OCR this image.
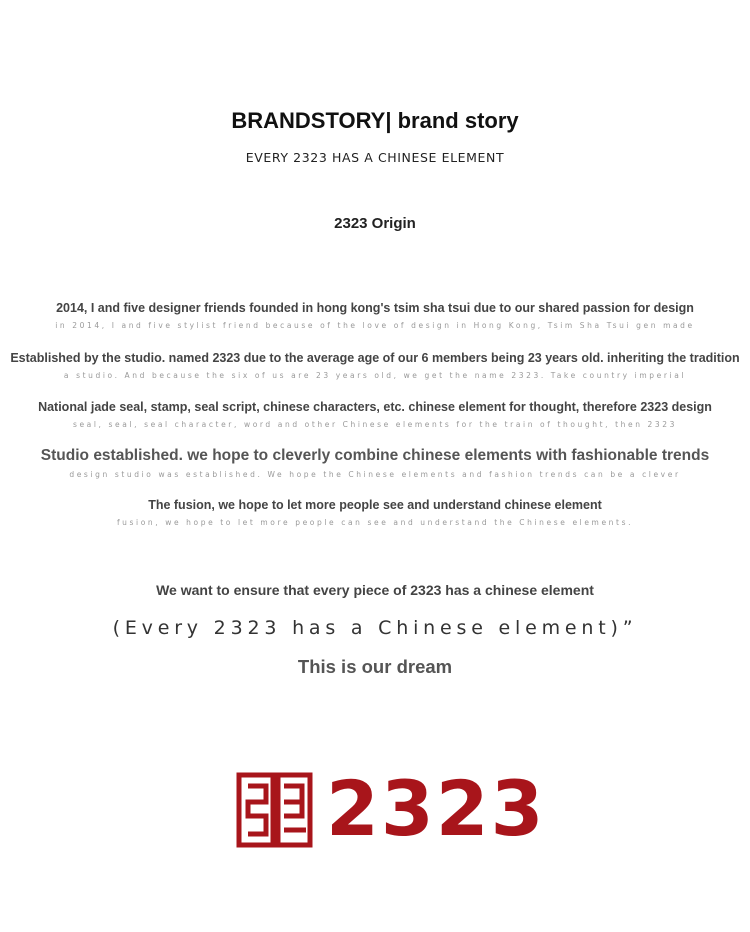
BRANDSTORY| brand story
EVERY 2323 HAS A CHINESE ELEMENT
2323 Origin
2014, I and five designer friends founded in hong kong's tsim sha tsui due to our shared passion for design
in 2014, I and five stylist friend because of the love of design in Hong Kong, Tsim Sha Tsui gen made
Established by the studio. named 2323 due to the average age of our 6 members being 23 years old. inheriting the tradition
a studio. And because the six of us are 23 years old, we get the name 2323. Take country imperial
National jade seal, stamp, seal script, chinese characters, etc. chinese element for thought, therefore 2323 design
seal, seal, seal character, word and other Chinese elements for the train of thought, then 2323
Studio established. we hope to cleverly combine chinese elements with fashionable trends
design studio was established. We hope the Chinese elements and fashion trends can be a clever
The fusion, we hope to let more people see and understand chinese element
fusion, we hope to let more people can see and understand the Chinese elements.
We want to ensure that every piece of 2323 has a chinese element
(Every 2323 has a Chinese element)”
This is our dream
2323
